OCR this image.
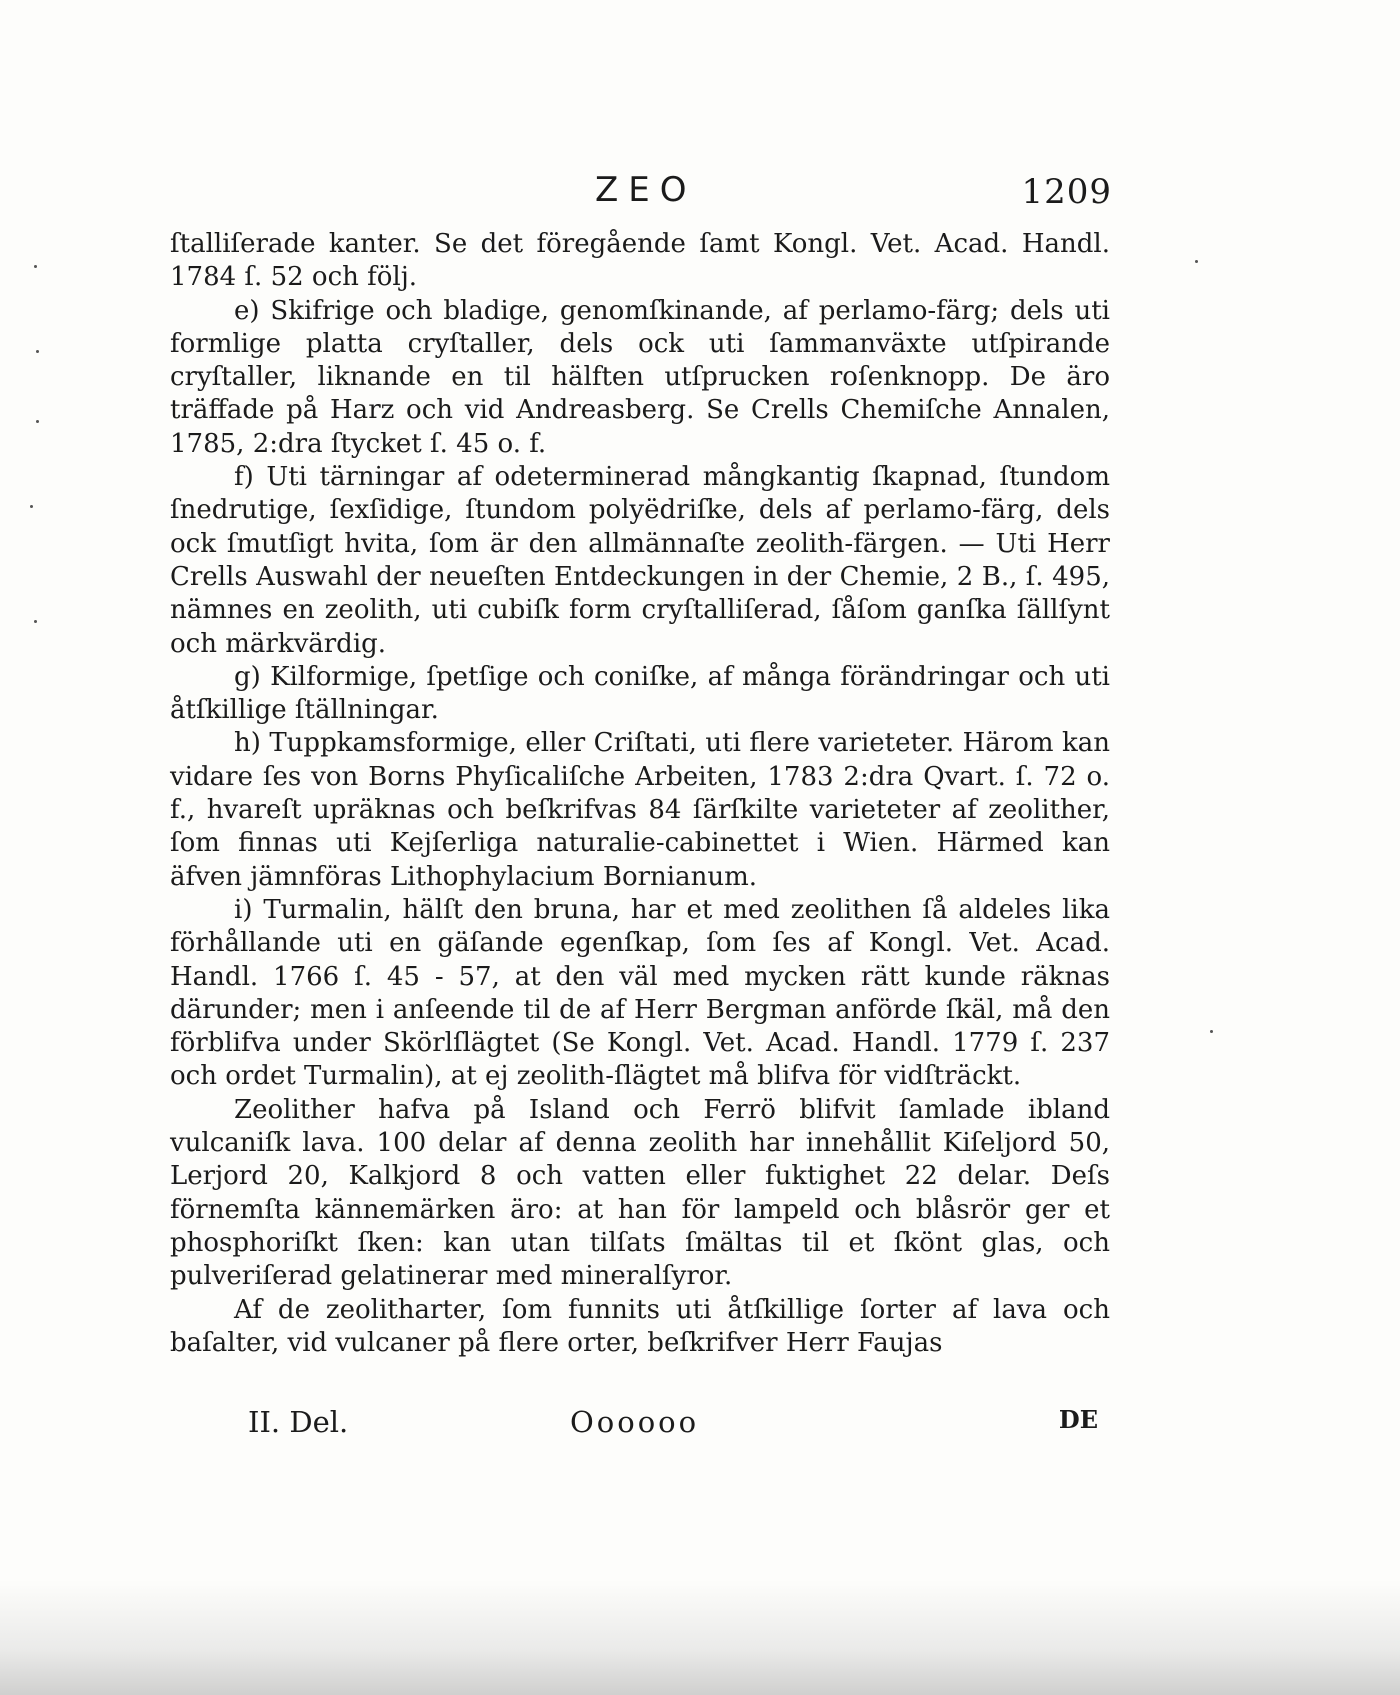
ZEO	1209

ſtalliſerade kanter. Se det föregående ſamt Kongl. Vet. Acad. Handl. 1784 ſ. 52 och följ.

e) Skifrige och bladige, genomſkinande, af perlamo-färg; dels uti formlige platta cryſtaller, dels ock uti ſammanväxte utſpirande cryſtaller, liknande en til hälften utſprucken roſenknopp. De äro träffade på Harz och vid Andreasberg. Se Crells Chemiſche Annalen, 1785, 2:dra ſtycket ſ. 45 o. f.

f) Uti tärningar af odeterminerad mångkantig ſkapnad, ſtundom ſnedrutige, ſexſidige, ſtundom polyëdriſke, dels af perlamo-färg, dels ock ſmutſigt hvita, ſom är den allmännaſte zeolith-färgen. — Uti Herr Crells Auswahl der neueſten Entdeckungen in der Chemie, 2 B., ſ. 495, nämnes en zeolith, uti cubiſk form cryſtalliſerad, ſåſom ganſka ſällſynt och märkvärdig.

g) Kilformige, ſpetſige och coniſke, af många förändringar och uti åtſkillige ſtällningar.

h) Tuppkamsformige, eller Criſtati, uti flere varieteter. Härom kan vidare ſes von Borns Phyſicaliſche Arbeiten, 1783 2:dra Qvart. ſ. 72 o. f., hvareſt upräknas och beſkrifvas 84 ſärſkilte varieteter af zeolither, ſom finnas uti Kejſerliga naturalie-cabinettet i Wien. Härmed kan äfven jämnföras Lithophylacium Bornianum.

i) Turmalin, hälſt den bruna, har et med zeolithen ſå aldeles lika förhållande uti en gäſande egenſkap, ſom ſes af Kongl. Vet. Acad. Handl. 1766 ſ. 45 - 57, at den väl med mycken rätt kunde räknas därunder; men i anſeende til de af Herr Bergman anförde ſkäl, må den förblifva under Skörlſlägtet (Se Kongl. Vet. Acad. Handl. 1779 ſ. 237 och ordet Turmalin), at ej zeolith-ſlägtet må blifva för vidſträckt.

Zeolither hafva på Island och Ferrö blifvit ſamlade ibland vulcaniſk lava. 100 delar af denna zeolith har innehållit Kiſeljord 50, Lerjord 20, Kalkjord 8 och vatten eller fuktighet 22 delar. Deſs förnemſta kännemärken äro: at han för lampeld och blåsrör ger et phosphoriſkt ſken: kan utan tilſats ſmältas til et ſkönt glas, och pulveriſerad gelatinerar med mineralſyror.

Af de zeolitharter, ſom funnits uti åtſkillige ſorter af lava och baſalter, vid vulcaner på flere orter, beſkrifver Herr Faujas

II. Del.	Oooooo	DE
